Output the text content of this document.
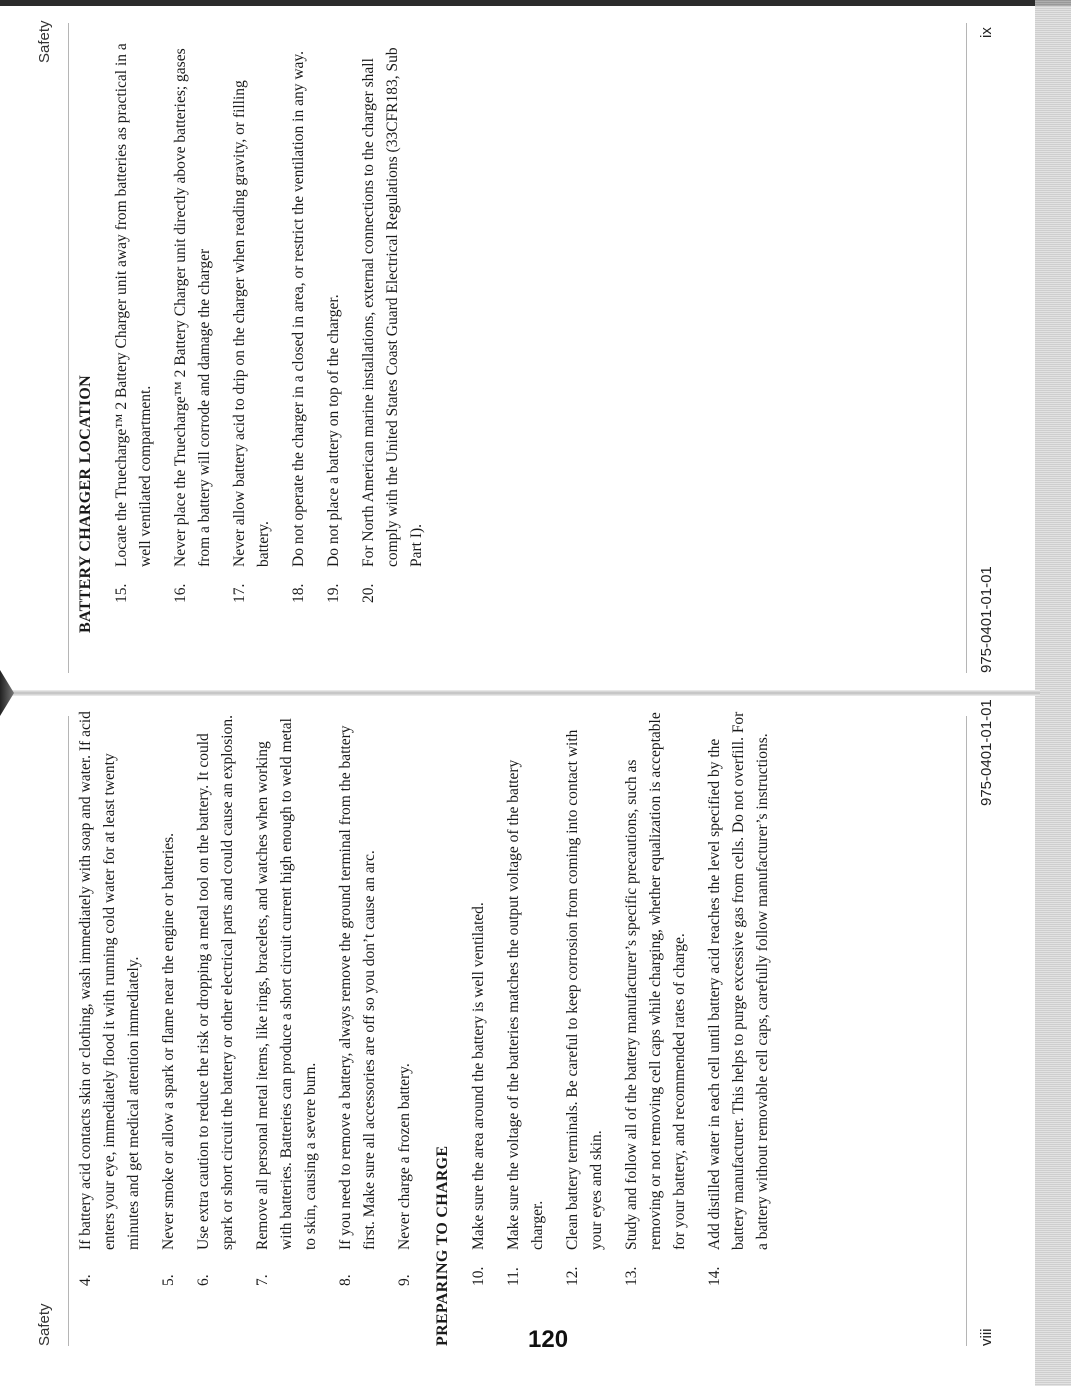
Safety
4.
If battery acid contacts skin or clothing, wash immediately with soap and water. If acid enters your eye, immediately flood it with running cold water for at least twenty minutes and get medical attention immediately.
5.
Never smoke or allow a spark or flame near the engine or batteries.
6.
Use extra caution to reduce the risk or dropping a metal tool on the battery. It could spark or short circuit the battery or other electrical parts and could cause an explosion.
7.
Remove all personal metal items, like rings, bracelets, and watches when working with batteries. Batteries can produce a short circuit current high enough to weld metal to skin, causing a severe burn.
8.
If you need to remove a battery, always remove the ground terminal from the battery first. Make sure all accessories are off so you don’t cause an arc.
9.
Never charge a frozen battery. PREPARING TO CHARGE 10.
Make sure the area around the battery is well ventilated.
11.
Make sure the voltage of the batteries matches the output voltage of the battery charger.
12.
Clean battery terminals. Be careful to keep corrosion from coming into contact with your eyes and skin.
13.
Study and follow all of the battery manufacturer’s specific precautions, such as removing or not removing cell caps while charging, whether equalization is acceptable for your battery, and recommended rates of charge.
14.
Add distilled water in each cell until battery acid reaches the level specified by the battery manufacturer. This helps to purge excessive gas from cells. Do not overfill. For a battery without removable cell caps, carefully follow manufacturer’s instructions.
viii
975-0401-01-01
Safety
BATTERY CHARGER LOCATION 15.
Locate the Truecharge™ 2 Battery Charger unit away from batteries as practical in a well ventilated compartment.
16.
Never place the Truecharge™ 2 Battery Charger unit directly above batteries; gases from a battery will corrode and damage the charger
17.
Never allow battery acid to drip on the charger when reading gravity, or filling battery.
18.
Do not operate the charger in a closed in area, or restrict the ventilation in any way.
19.
Do not place a battery on top of the charger.
20.
For North American marine installations, external connections to the charger shall comply with the United States Coast Guard Electrical Regulations (33CFR183, Sub Part I).
975-0401-01-01
ix
120
